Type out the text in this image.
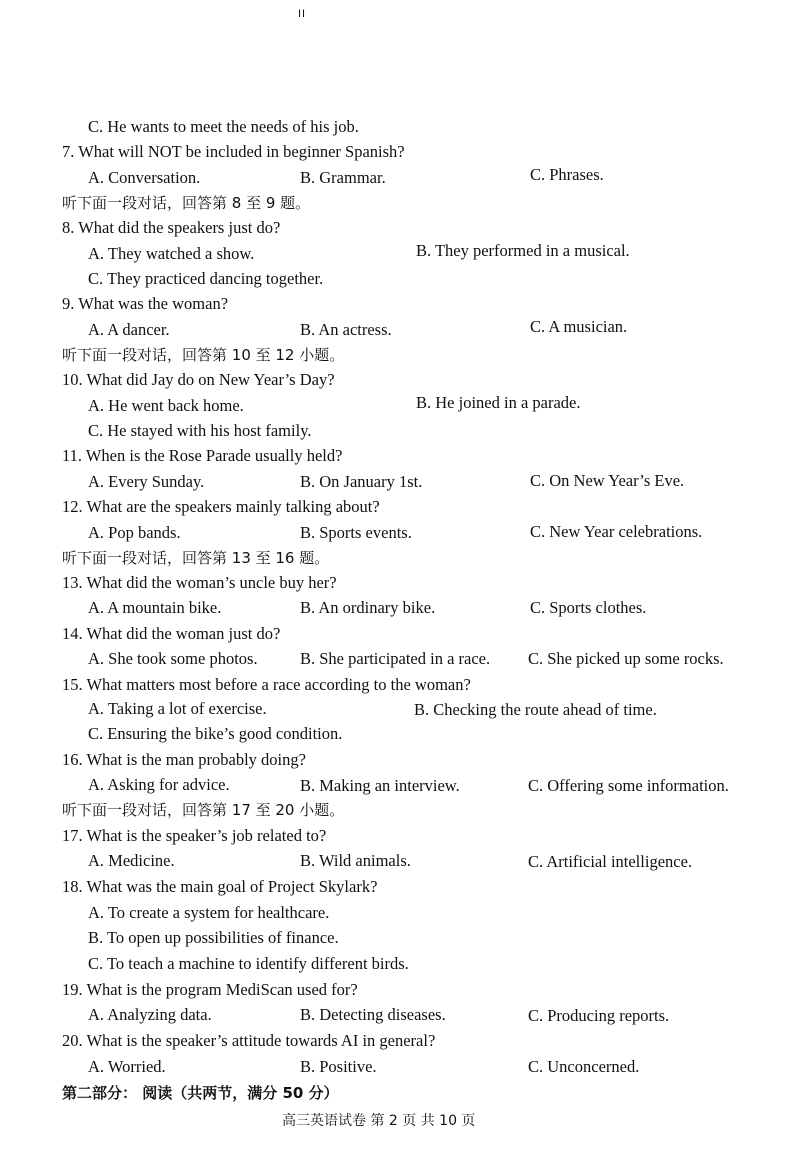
II
C. He wants to meet the needs of his job.
7. What will NOT be included in beginner Spanish?
A. Conversation.	B. Grammar.	C. Phrases.
听下面一段对话，回答第 8 至 9 题。
8. What did the speakers just do?
A. They watched a show.	B. They performed in a musical.
C. They practiced dancing together.
9. What was the woman?
A. A dancer.	B. An actress.	C. A musician.
听下面一段对话，回答第 10 至 12 小题。
10. What did Jay do on New Year’s Day?
A. He went back home.	B. He joined in a parade.
C. He stayed with his host family.
11. When is the Rose Parade usually held?
A. Every Sunday.	B. On January 1st.	C. On New Year’s Eve.
12. What are the speakers mainly talking about?
A. Pop bands.	B. Sports events.	C. New Year celebrations.
听下面一段对话，回答第 13 至 16 题。
13. What did the woman’s uncle buy her?
A. A mountain bike.	B. An ordinary bike.	C. Sports clothes.
14. What did the woman just do?
A. She took some photos.	B. She participated in a race. C. She picked up some rocks.
15. What matters most before a race according to the woman?
A. Taking a lot of exercise.	B. Checking the route ahead of time.
C. Ensuring the bike’s good condition.
16. What is the man probably doing?
A. Asking for advice.	B. Making an interview.	C. Offering some information.
听下面一段对话，回答第 17 至 20 小题。
17. What is the speaker’s job related to?
A. Medicine.	B. Wild animals.	C. Artificial intelligence.
18. What was the main goal of Project Skylark?
A. To create a system for healthcare.
B. To open up possibilities of finance.
C. To teach a machine to identify different birds.
19. What is the program MediScan used for?
A. Analyzing data.	B. Detecting diseases.	C. Producing reports.
20. What is the speaker’s attitude towards AI in general?
A. Worried.	B. Positive.	C. Unconcerned.
第二部分： 阅读（共两节，满分 50 分）
高三英语试卷 第 2 页 共 10 页
